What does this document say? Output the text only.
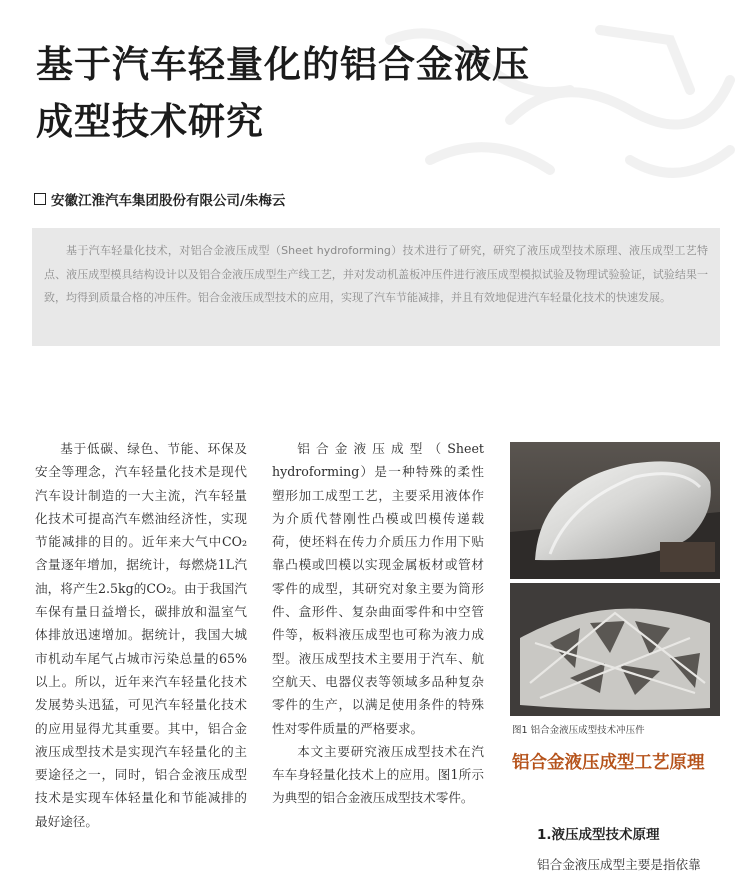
基于汽车轻量化的铝合金液压
成型技术研究
安徽江淮汽车集团股份有限公司/朱梅云

基于汽车轻量化技术，对铝合金液压成型（Sheet hydroforming）技术进行了研究，研究了液压成型技术原理、液压成型工艺特点、液压成型模具结构设计以及铝合金液压成型生产线工艺，并对发动机盖板冲压件进行液压成型模拟试验及物理试验验证，试验结果一致，均得到质量合格的冲压件。铝合金液压成型技术的应用，实现了汽车节能减排，并且有效地促进汽车轻量化技术的快速发展。

基于低碳、绿色、节能、环保及安全等理念，汽车轻量化技术是现代汽车设计制造的一大主流，汽车轻量化技术可提高汽车燃油经济性，实现节能减排的目的。近年来大气中CO₂含量逐年增加，据统计，每燃烧1L汽油，将产生2.5kg的CO₂。由于我国汽车保有量日益增长，碳排放和温室气体排放迅速增加。据统计，我国大城市机动车尾气占城市污染总量的65%以上。所以，近年来汽车轻量化技术发展势头迅猛，可见汽车轻量化技术的应用显得尤其重要。其中，铝合金液压成型技术是实现汽车轻量化的主要途径之一，同时，铝合金液压成型技术是实现车体轻量化和节能减排的最好途径。

铝合金液压成型（Sheet hydroforming）是一种特殊的柔性塑形加工成型工艺，主要采用液体作为介质代替刚性凸模或凹模传递载荷，使坯料在传力介质压力作用下贴靠凸模或凹模以实现金属板材或管材零件的成型，其研究对象主要为筒形件、盒形件、复杂曲面零件和中空管件等，板料液压成型也可称为液力成型。液压成型技术主要用于汽车、航空航天、电器仪表等领域多品种复杂零件的生产，以满足使用条件的特殊性对零件质量的严格要求。

本文主要研究液压成型技术在汽车车身轻量化技术上的应用。图1所示为典型的铝合金液压成型技术零件。

图1 铝合金液压成型技术冲压件
铝合金液压成型工艺原理
1.液压成型技术原理
铝合金液压成型主要是指依靠
